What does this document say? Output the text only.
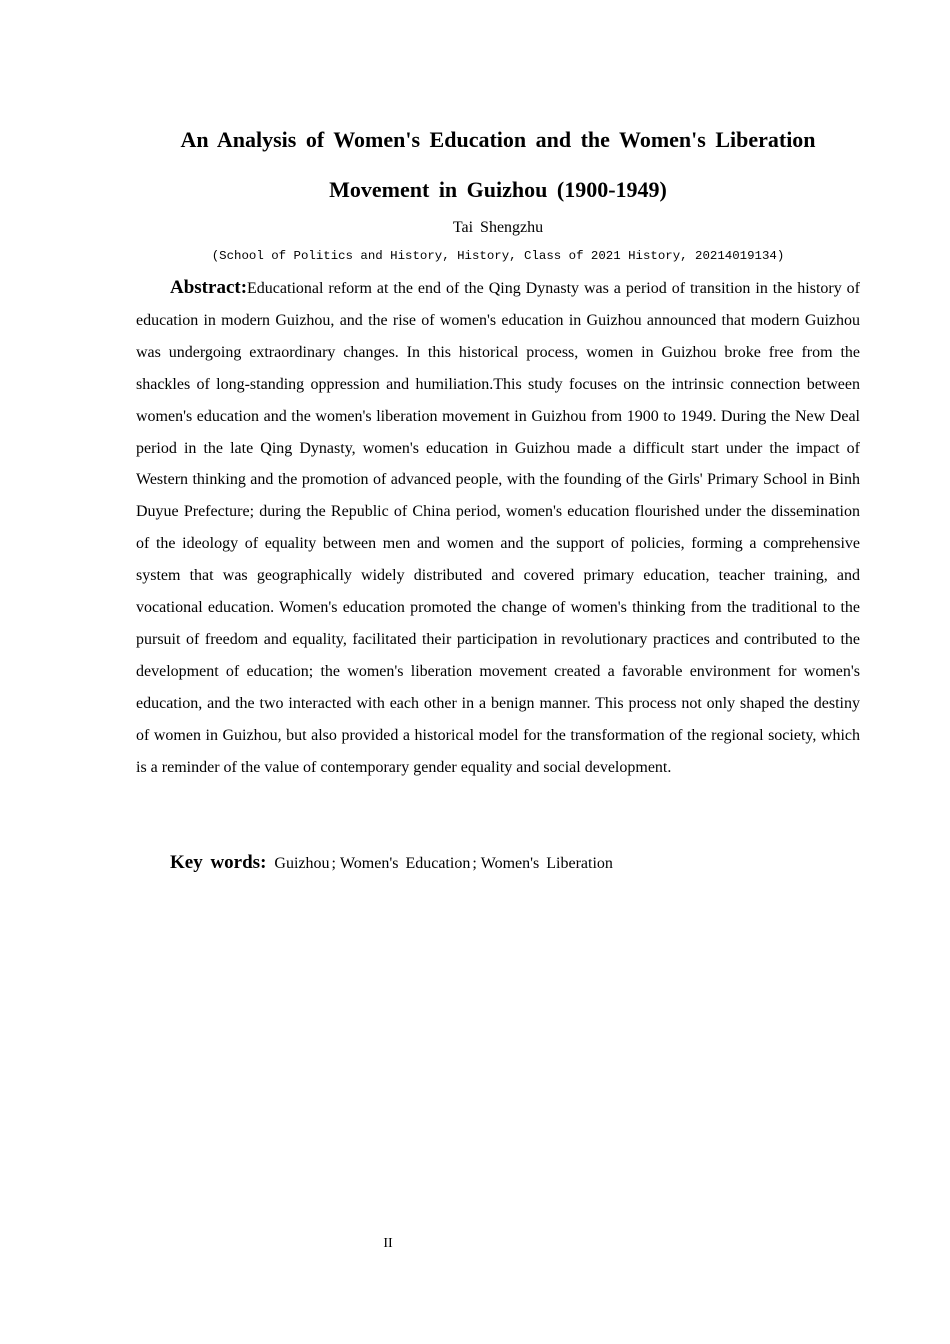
An Analysis of Women's Education and the Women's Liberation
Movement in Guizhou (1900-1949)
Tai Shengzhu
(School of Politics and History, History, Class of 2021 History, 20214019134)

Abstract:Educational reform at the end of the Qing Dynasty was a period of transition in the history of education in modern Guizhou, and the rise of women's education in Guizhou announced that modern Guizhou was undergoing extraordinary changes. In this historical process, women in Guizhou broke free from the shackles of long-standing oppression and humiliation.This study focuses on the intrinsic connection between women's education and the women's liberation movement in Guizhou from 1900 to 1949. During the New Deal period in the late Qing Dynasty, women's education in Guizhou made a difficult start under the impact of Western thinking and the promotion of advanced people, with the founding of the Girls' Primary School in Binh Duyue Prefecture; during the Republic of China period, women's education flourished under the dissemination of the ideology of equality between men and women and the support of policies, forming a comprehensive system that was geographically widely distributed and covered primary education, teacher training, and vocational education. Women's education promoted the change of women's thinking from the traditional to the pursuit of freedom and equality, facilitated their participation in revolutionary practices and contributed to the development of education; the women's liberation movement created a favorable environment for women's education, and the two interacted with each other in a benign manner. This process not only shaped the destiny of women in Guizhou, but also provided a historical model for the transformation of the regional society, which is a reminder of the value of contemporary gender equality and social development.

Key words: Guizhou ; Women's Education ; Women's Liberation
II
